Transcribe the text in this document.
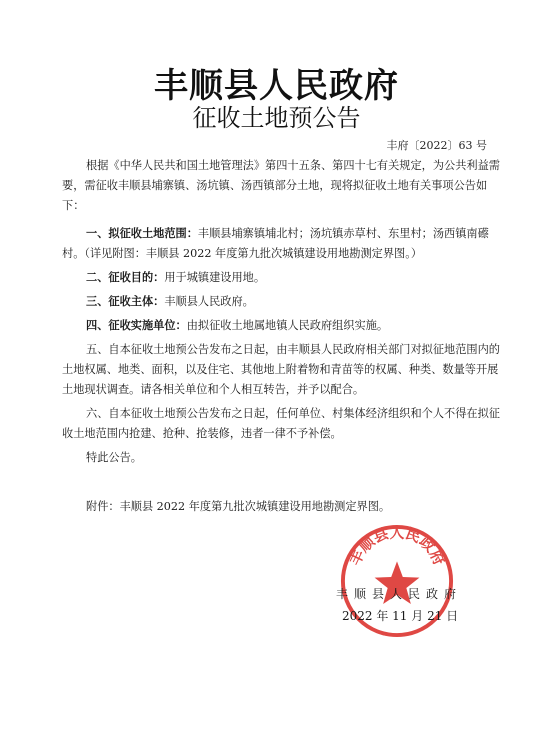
丰顺县人民政府
征收土地预公告
丰府〔2022〕63 号

根据《中华人民共和国土地管理法》第四十五条、第四十七有关规定，为公共利益需要，需征收丰顺县埔寨镇、汤坑镇、汤西镇部分土地，现将拟征收土地有关事项公告如下：

一、拟征收土地范围：丰顺县埔寨镇埔北村；汤坑镇赤草村、东里村；汤西镇南礤村。（详见附图：丰顺县 2022 年度第九批次城镇建设用地勘测定界图。）

二、征收目的：用于城镇建设用地。

三、征收主体：丰顺县人民政府。

四、征收实施单位：由拟征收土地属地镇人民政府组织实施。

五、自本征收土地预公告发布之日起，由丰顺县人民政府相关部门对拟征地范围内的土地权属、地类、面积，以及住宅、其他地上附着物和青苗等的权属、种类、数量等开展土地现状调查。请各相关单位和个人相互转告，并予以配合。

六、自本征收土地预公告发布之日起，任何单位、村集体经济组织和个人不得在拟征收土地范围内抢建、抢种、抢装修，违者一律不予补偿。

特此公告。

附件：丰顺县 2022 年度第九批次城镇建设用地勘测定界图。
丰顺县人民政府
丰顺县人民政府
2022 年 11 月 21 日
